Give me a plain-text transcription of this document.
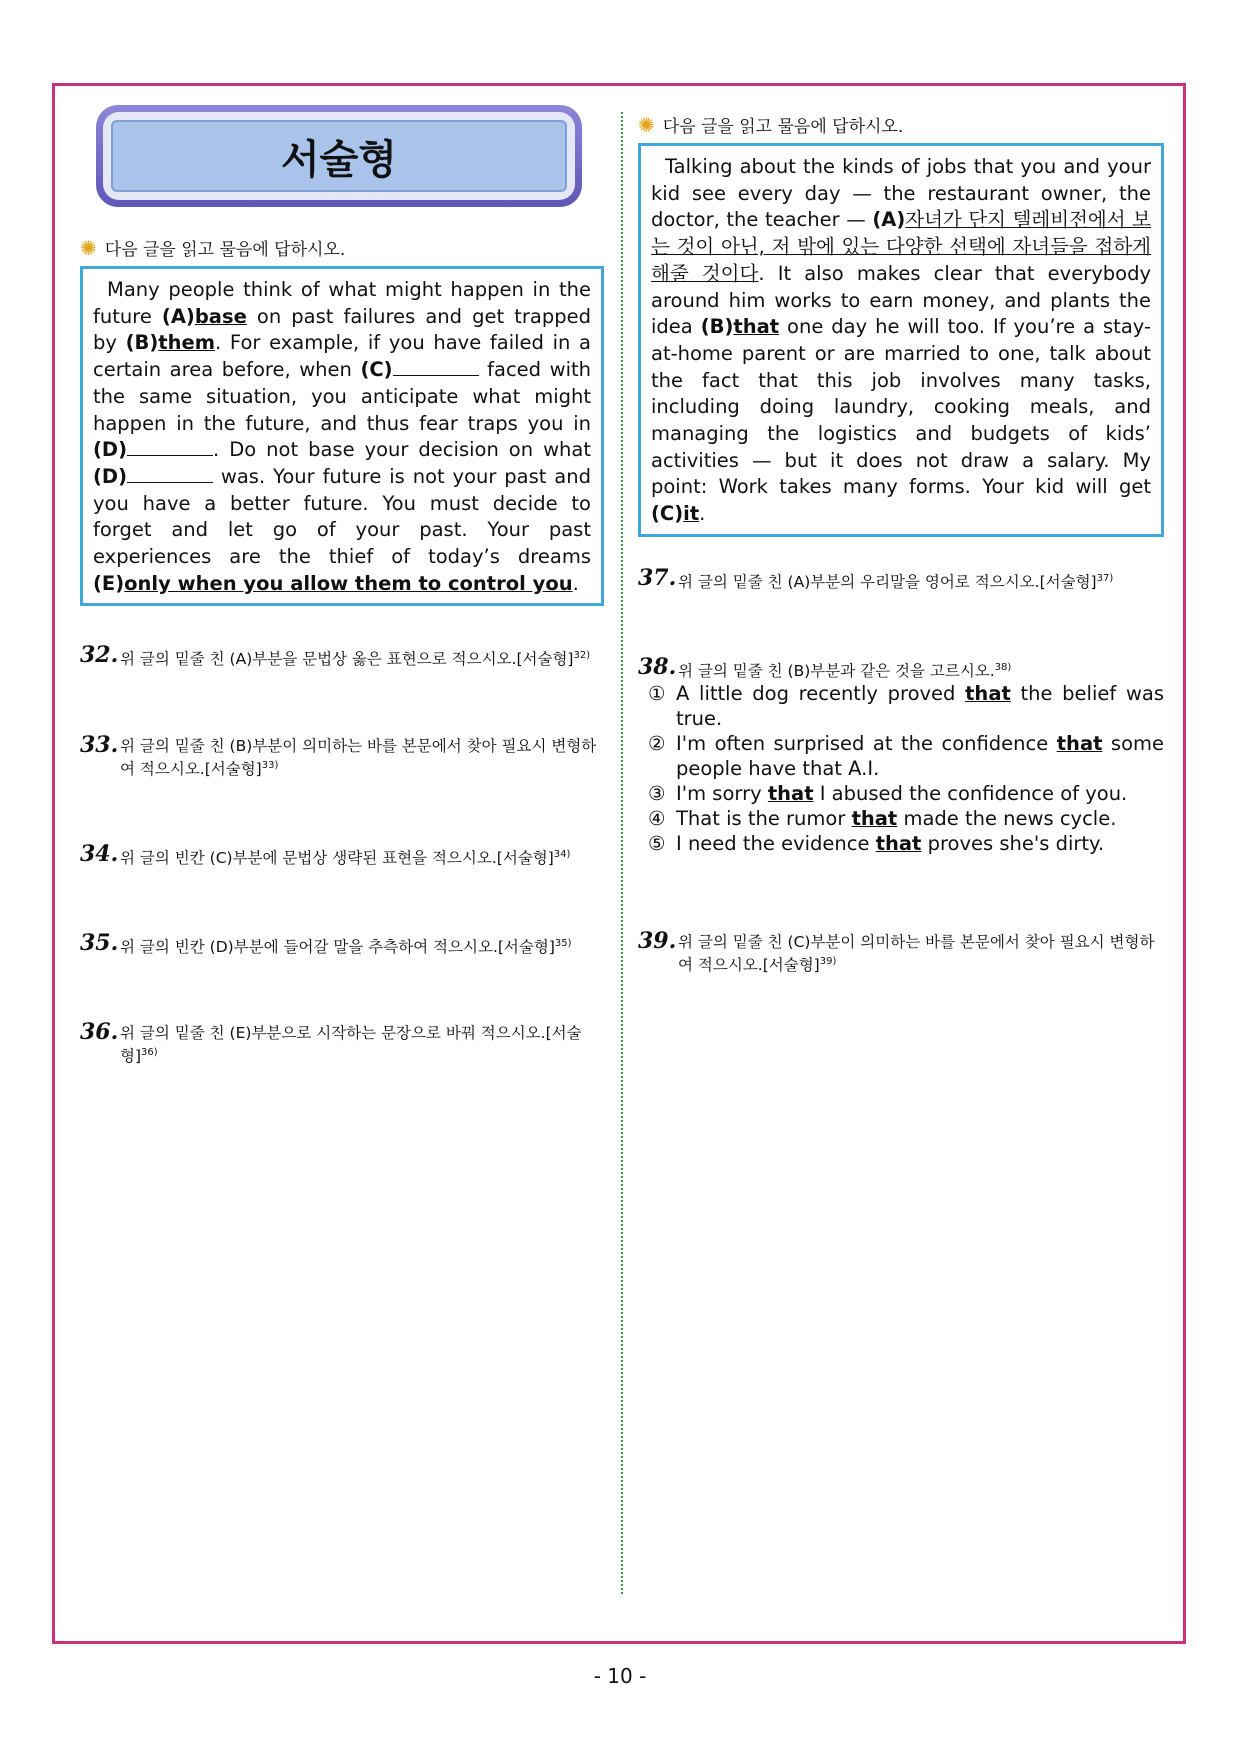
서술형
✺ 다음 글을 읽고 물음에 답하시오.
Many people think of what might happen in the future (A)base on past failures and get trapped by (B)them. For example, if you have failed in a certain area before, when (C)	faced with the same situation, you anticipate what might happen in the future, and thus fear traps you in (D)	. Do not base your decision on what (D)	was. Your future is not your past and you have a better future. You must decide to forget and let go of your past. Your past experiences are the thief of today’s dreams (E)only when you allow them to control you.
32. 위 글의 밑줄 친 (A)부분을 문법상 옳은 표현으로 적으시오.[서술형]$^{32)}$
33. 위 글의 밑줄 친 (B)부분이 의미하는 바를 본문에서 찾아 필요시 변형하여 적으시오.[서술형]$^{33)}$
34. 위 글의 빈칸 (C)부분에 문법상 생략된 표현을 적으시오.[서술형]$^{34)}$
35. 위 글의 빈칸 (D)부분에 들어갈 말을 추측하여 적으시오.[서술형]$^{35)}$
36. 위 글의 밑줄 친 (E)부분으로 시작하는 문장으로 바꿔 적으시오.[서술형]$^{36)}$
✺ 다음 글을 읽고 물음에 답하시오.
Talking about the kinds of jobs that you and your kid see every day — the restaurant owner, the doctor, the teacher — (A)자녀가 단지 텔레비전에서 보는 것이 아닌, 저 밖에 있는 다양한 선택에 자녀들을 접하게 해줄 것이다. It also makes clear that everybody around him works to earn money, and plants the idea (B)that one day he will too. If you’re a stay-at-home parent or are married to one, talk about the fact that this job involves many tasks, including doing laundry, cooking meals, and managing the logistics and budgets of kids’ activities — but it does not draw a salary. My point: Work takes many forms. Your kid will get (C)it.
37. 위 글의 밑줄 친 (A)부분의 우리말을 영어로 적으시오.[서술형]$^{37)}$
38. 위 글의 밑줄 친 (B)부분과 같은 것을 고르시오.$^{38)}$
① A little dog recently proved that the belief was true.
② I'm often surprised at the confidence that some people have that A.I.
③ I'm sorry that I abused the confidence of you.
④ That is the rumor that made the news cycle.
⑤ I need the evidence that proves she's dirty.
39. 위 글의 밑줄 친 (C)부분이 의미하는 바를 본문에서 찾아 필요시 변형하여 적으시오.[서술형]$^{39)}$
- 10 -
